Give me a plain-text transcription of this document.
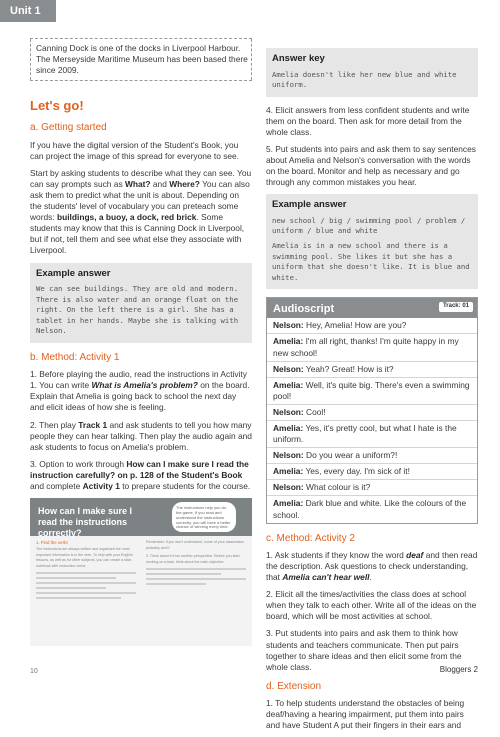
Unit 1

Canning Dock is one of the docks in Liverpool Harbour. The Merseyside Maritime Museum has been based there since 2009.

Let's go!
a. Getting started

If you have the digital version of the Student's Book, you can project the image of this spread for everyone to see.

Start by asking students to describe what they can see. You can say prompts such as What? and Where? You can also ask them to predict what the unit is about. Depending on the students' level of vocabulary you can preteach some words: buildings, a buoy, a dock, red brick. Some students may know that this is Canning Dock in Liverpool, but if not, tell them and see what else they associate with Liverpool.

Example answer
We can see buildings. They are old and modern. There is also water and an orange float on the right. On the left there is a girl. She has a tablet in her hands. Maybe she is talking with Nelson.
b. Method: Activity 1

1. Before playing the audio, read the instructions in Activity 1. You can write What is Amelia's problem? on the board. Explain that Amelia is going back to school the next day and elicit ideas of how she is feeling.

2. Then play Track 1 and ask students to tell you how many people they can hear talking. Then play the audio again and ask students to focus on Amelia's problem.

3. Option to work through How can I make sure I read the instruction carefully? on p. 128 of the Student's Book and complete Activity 1 to prepare students for the course.

How can I make sure I read the instructions correctly?
The instructions help you do the game. If you read and understand the instructions correctly, you will have a better chance of winning every time.
1. Find the verb!
The instructions are always written and organised the most important information is in the verb. To help with your English lessons, as well as for other subjects, you can create a stick notebook with instruction verbs.
Remember: if you don't understand, some of your classmates probably don't!
3. Think about it from another perspective. Before you start working on a task, think about the main objective.
Answer key
Amelia doesn't like her new blue and white uniform.

4. Elicit answers from less confident students and write them on the board. Then ask for more detail from the whole class.

5. Put students into pairs and ask them to say sentences about Amelia and Nelson's conversation with the words on the board. Monitor and help as necessary and go through any common mistakes you hear.

Example answer
new school / big / swimming pool / problem / uniform / blue and white
Amelia is in a new school and there is a swimming pool. She likes it but she has a uniform that she doesn't like. It is blue and white.
Audioscript	Track: 01
Nelson: Hey, Amelia! How are you?
Amelia: I'm all right, thanks! I'm quite happy in my new school!
Nelson: Yeah? Great! How is it?
Amelia: Well, it's quite big. There's even a swimming pool!
Nelson: Cool!
Amelia: Yes, it's pretty cool, but what I hate is the uniform.
Nelson: Do you wear a uniform?!
Amelia: Yes, every day. I'm sick of it!
Nelson: What colour is it?
Amelia: Dark blue and white. Like the colours of the school.
c. Method: Activity 2

1. Ask students if they know the word deaf and then read the description. Ask questions to check understanding, that Amelia can't hear well.

2. Elicit all the times/activities the class does at school when they talk to each other. Write all of the ideas on the board, which will be most activities at school.

3. Put students into pairs and ask them to think how students and teachers communicate. Then put pairs together to share ideas and then elicit some from the whole class.

d. Extension

1. To help students understand the obstacles of being deaf/having a hearing impairment, put them into pairs and have Student A put their fingers in their ears and

10	Bloggers 2
